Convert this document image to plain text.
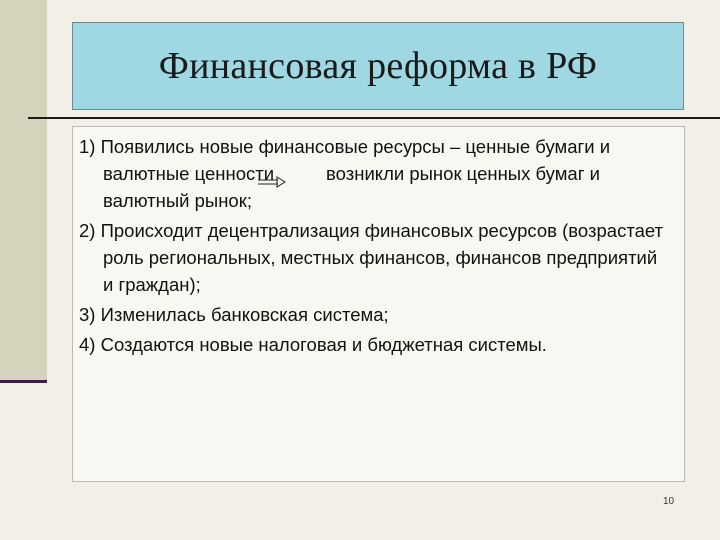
Финансовая реформа в РФ

1) Появились новые финансовые ресурсы – ценные бумаги и валютные ценности	возникли рынок ценных бумаг и валютный рынок;

2) Происходит децентрализация финансовых ресурсов (возрастает роль региональных, местных финансов, финансов предприятий и граждан);

3) Изменилась банковская система;

4) Создаются новые налоговая и бюджетная системы.

10
